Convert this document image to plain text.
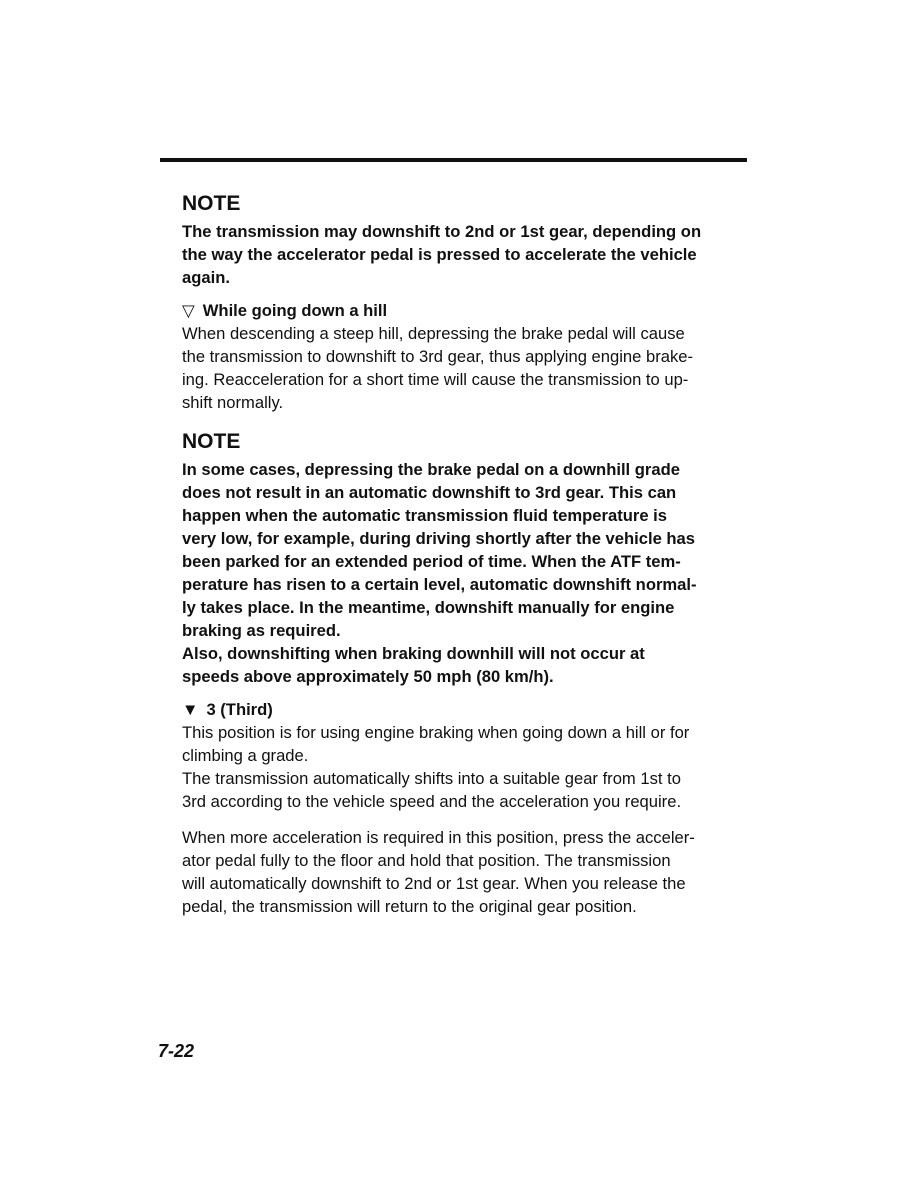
NOTE
The transmission may downshift to 2nd or 1st gear, depending on
the way the accelerator pedal is pressed to accelerate the vehicle
again.
▽ While going down a hill
When descending a steep hill, depressing the brake pedal will cause
the transmission to downshift to 3rd gear, thus applying engine brake-
ing. Reacceleration for a short time will cause the transmission to up-
shift normally.
NOTE
In some cases, depressing the brake pedal on a downhill grade
does not result in an automatic downshift to 3rd gear. This can
happen when the automatic transmission fluid temperature is
very low, for example, during driving shortly after the vehicle has
been parked for an extended period of time. When the ATF tem-
perature has risen to a certain level, automatic downshift normal-
ly takes place. In the meantime, downshift manually for engine
braking as required.
Also, downshifting when braking downhill will not occur at
speeds above approximately 50 mph (80 km/h).
▼ 3 (Third)
This position is for using engine braking when going down a hill or for
climbing a grade.
The transmission automatically shifts into a suitable gear from 1st to
3rd according to the vehicle speed and the acceleration you require.
When more acceleration is required in this position, press the acceler-
ator pedal fully to the floor and hold that position. The transmission
will automatically downshift to 2nd or 1st gear. When you release the
pedal, the transmission will return to the original gear position.
7-22
